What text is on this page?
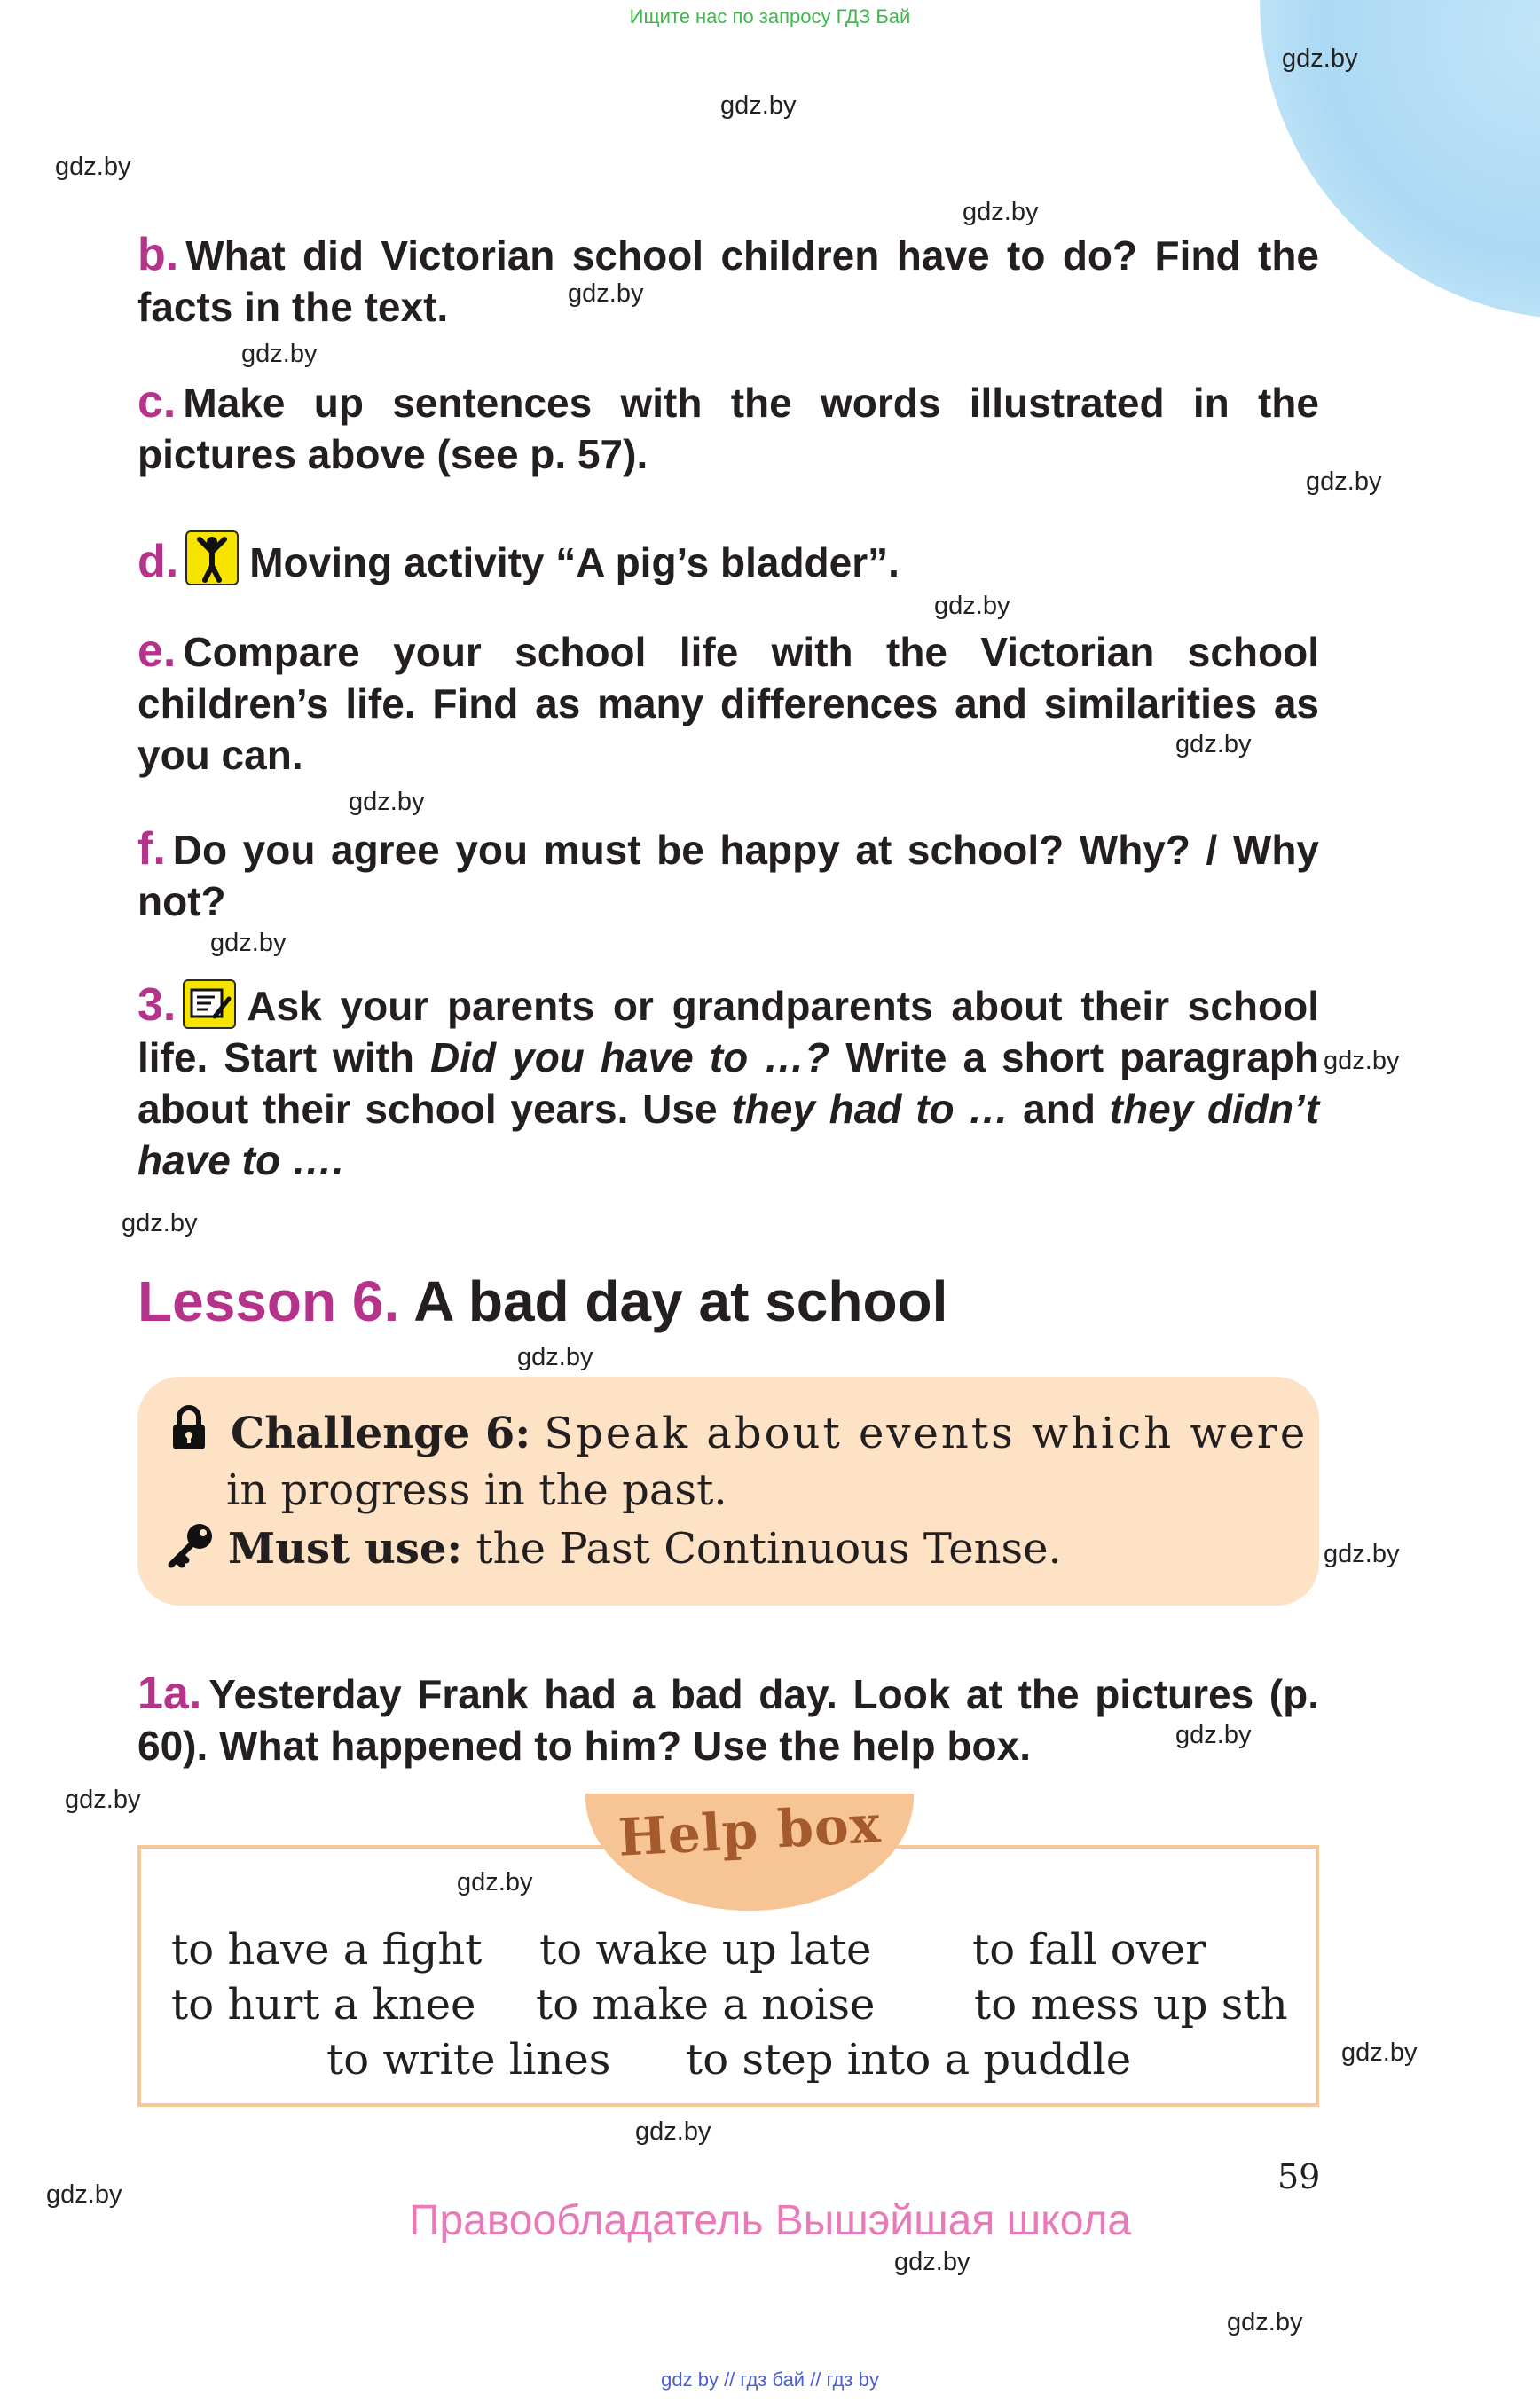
Ищите нас по запросу ГДЗ Бай
gdz.by
gdz.by
gdz.by
gdz.by
gdz.by
gdz.by
gdz.by
gdz.by
gdz.by
gdz.by
gdz.by
gdz.by
gdz.by
gdz.by
gdz.by
gdz.by
gdz.by
gdz.by
gdz.by
gdz.by
gdz.by
gdz.by
gdz.by
b. What did Victorian school children have to do? Find the facts in the text.
c. Make up sentences with the words illustrated in the pictures above (see p. 57).
d. Moving activity “A pig’s bladder”.
e. Compare your school life with the Victorian school children’s life. Find as many differences and similarities as you can.
f. Do you agree you must be happy at school? Why? / Why not?
3. Ask your parents or grandparents about their school life. Start with Did you have to …? Write a short paragraph about their school years. Use they had to … and they didn’t have to ….
Lesson 6. A bad day at school
Challenge 6: Speak about events which were
in progress in the past.
Must use: the Past Continuous Tense.
1a. Yesterday Frank had a bad day. Look at the pictures (p. 60). What happened to him? Use the help box.
Help box
to have a fight to wake up late to fall over
to hurt a knee to make a noise to mess up sth
to write lines to step into a puddle
59
Правообладатель Вышэйшая школа
gdz by // гдз бай // гдз by
